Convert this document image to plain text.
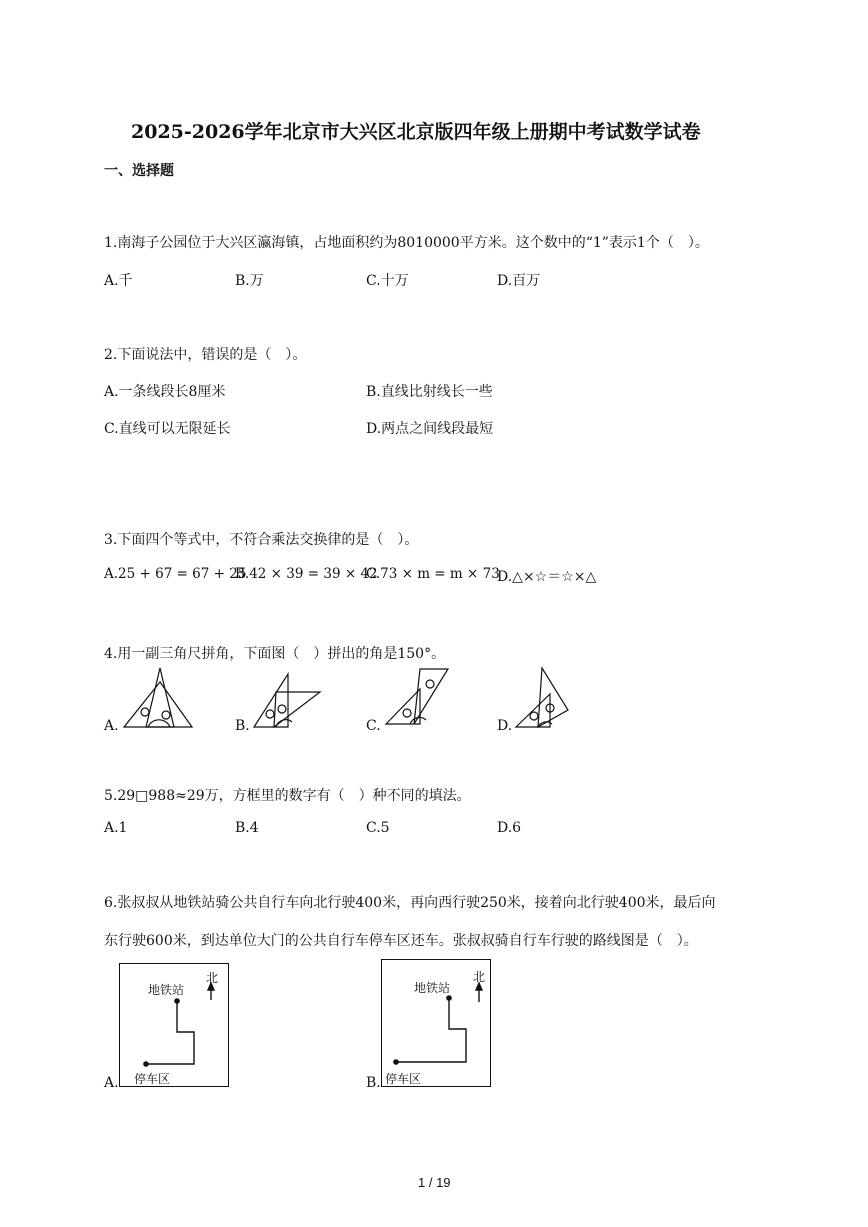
2025-2026学年北京市大兴区北京版四年级上册期中考试数学试卷
一、选择题
1.南海子公园位于大兴区瀛海镇，占地面积约为8010000平方米。这个数中的“1”表示1个（　）。
A.千	B.万	C.十万	D.百万
2.下面说法中，错误的是（　）。
A.一条线段长8厘米	B.直线比射线长一些
C.直线可以无限延长	D.两点之间线段最短
3.下面四个等式中，不符合乘法交换律的是（　）。
A.25 + 67 = 67 + 25
B.42 × 39 = 39 × 42
C.73 × m = m × 73
D.△×☆＝☆×△
4.用一副三角尺拼角，下面图（　）拼出的角是150°。
A.	B.	C.	D.
5.29□988≈29万，方框里的数字有（　）种不同的填法。
A.1	B.4	C.5	D.6
6.张叔叔从地铁站骑公共自行车向北行驶400米，再向西行驶250米，接着向北行驶400米，最后向
东行驶600米，到达单位大门的公共自行车停车区还车。张叔叔骑自行车行驶的路线图是（　）。
A.
地铁站
北
停车区	B.
地铁站
北
停车区
1 / 19
